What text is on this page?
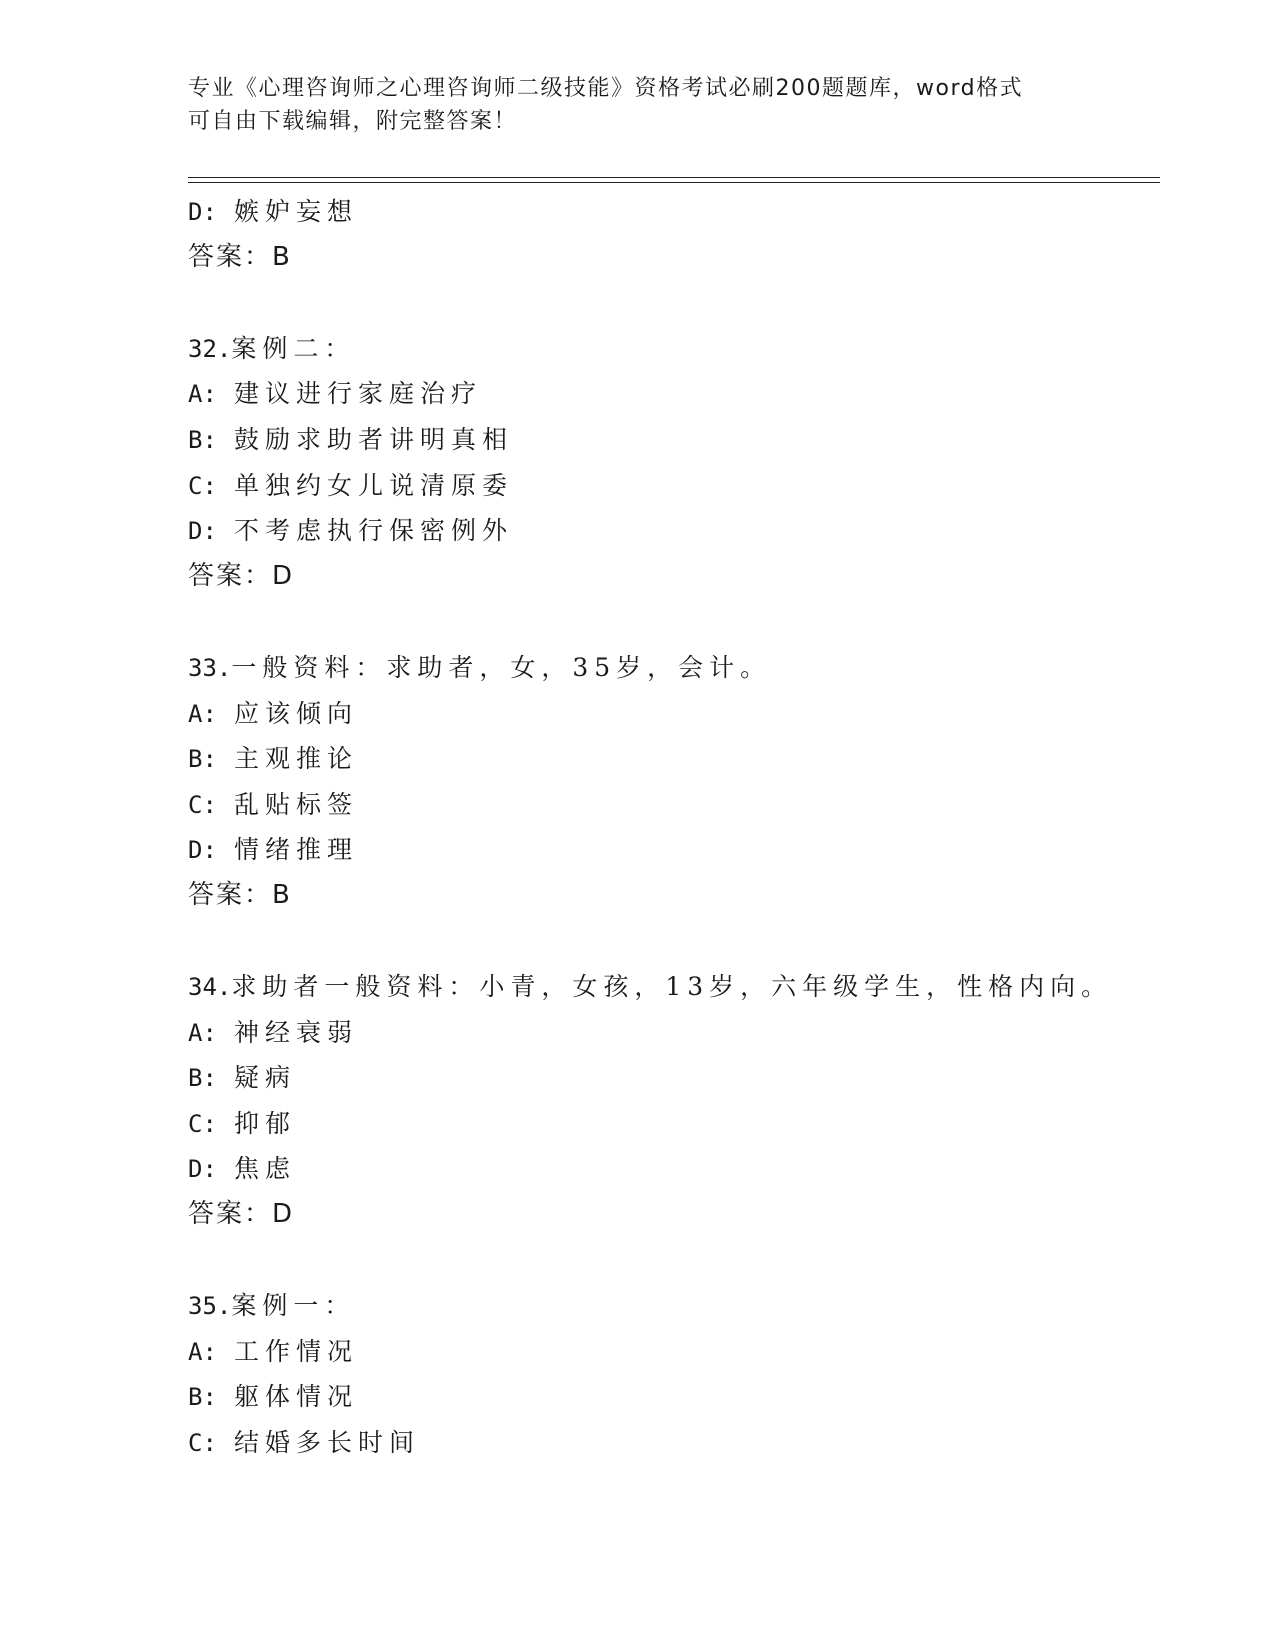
专业《心理咨询师之心理咨询师二级技能》资格考试必刷200题题库，word格式
可自由下载编辑，附完整答案！
D: 嫉妒妄想
答案：B
32.案例二：
A: 建议进行家庭治疗
B: 鼓励求助者讲明真相
C: 单独约女儿说清原委
D: 不考虑执行保密例外
答案：D
33.一般资料：求助者，女，35岁，会计。
A: 应该倾向
B: 主观推论
C: 乱贴标签
D: 情绪推理
答案：B
34.求助者一般资料：小青，女孩，13岁，六年级学生，性格内向。
A: 神经衰弱
B: 疑病
C: 抑郁
D: 焦虑
答案：D
35.案例一：
A: 工作情况
B: 躯体情况
C: 结婚多长时间
